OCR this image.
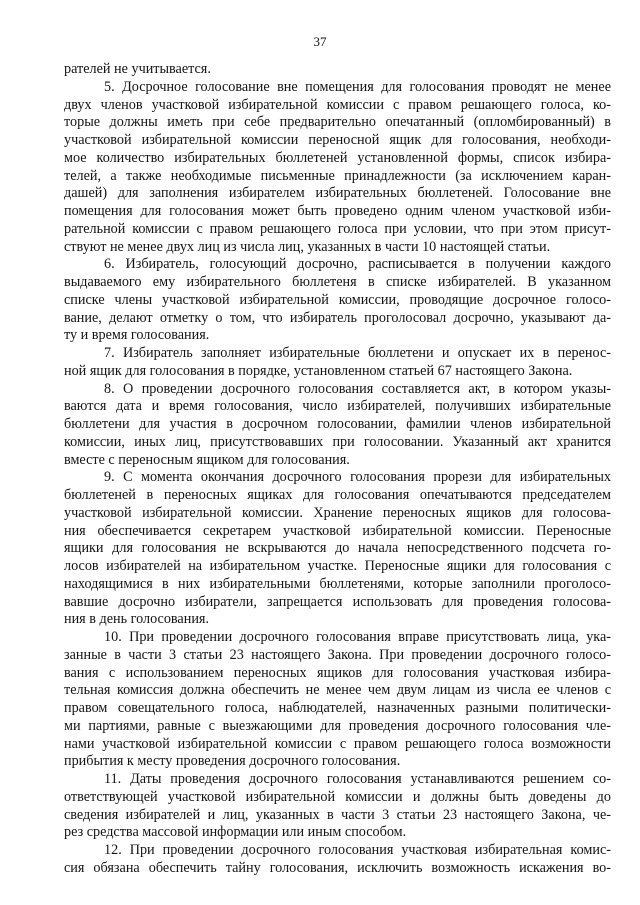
37
рателей не учитывается.
5. Досрочное голосование вне помещения для голосования проводят не менее
двух членов участковой избирательной комиссии с правом решающего голоса, ко-
торые должны иметь при себе предварительно опечатанный (опломбированный) в
участковой избирательной комиссии переносной ящик для голосования, необходи-
мое количество избирательных бюллетеней установленной формы, список избира-
телей, а также необходимые письменные принадлежности (за исключением каран-
дашей) для заполнения избирателем избирательных бюллетеней. Голосование вне
помещения для голосования может быть проведено одним членом участковой изби-
рательной комиссии с правом решающего голоса при условии, что при этом присут-
ствуют не менее двух лиц из числа лиц, указанных в части 10 настоящей статьи.
6. Избиратель, голосующий досрочно, расписывается в получении каждого
выдаваемого ему избирательного бюллетеня в списке избирателей. В указанном
списке члены участковой избирательной комиссии, проводящие досрочное голосо-
вание, делают отметку о том, что избиратель проголосовал досрочно, указывают да-
ту и время голосования.
7. Избиратель заполняет избирательные бюллетени и опускает их в перенос-
ной ящик для голосования в порядке, установленном статьей 67 настоящего Закона.
8. О проведении досрочного голосования составляется акт, в котором указы-
ваются дата и время голосования, число избирателей, получивших избирательные
бюллетени для участия в досрочном голосовании, фамилии членов избирательной
комиссии, иных лиц, присутствовавших при голосовании. Указанный акт хранится
вместе с переносным ящиком для голосования.
9. С момента окончания досрочного голосования прорези для избирательных
бюллетеней в переносных ящиках для голосования опечатываются председателем
участковой избирательной комиссии. Хранение переносных ящиков для голосова-
ния обеспечивается секретарем участковой избирательной комиссии. Переносные
ящики для голосования не вскрываются до начала непосредственного подсчета го-
лосов избирателей на избирательном участке. Переносные ящики для голосования с
находящимися в них избирательными бюллетенями, которые заполнили проголосо-
вавшие досрочно избиратели, запрещается использовать для проведения голосова-
ния в день голосования.
10. При проведении досрочного голосования вправе присутствовать лица, ука-
занные в части 3 статьи 23 настоящего Закона. При проведении досрочного голосо-
вания с использованием переносных ящиков для голосования участковая избира-
тельная комиссия должна обеспечить не менее чем двум лицам из числа ее членов с
правом совещательного голоса, наблюдателей, назначенных разными политически-
ми партиями, равные с выезжающими для проведения досрочного голосования чле-
нами участковой избирательной комиссии с правом решающего голоса возможности
прибытия к месту проведения досрочного голосования.
11. Даты проведения досрочного голосования устанавливаются решением со-
ответствующей участковой избирательной комиссии и должны быть доведены до
сведения избирателей и лиц, указанных в части 3 статьи 23 настоящего Закона, че-
рез средства массовой информации или иным способом.
12. При проведении досрочного голосования участковая избирательная комис-
сия обязана обеспечить тайну голосования, исключить возможность искажения во-
